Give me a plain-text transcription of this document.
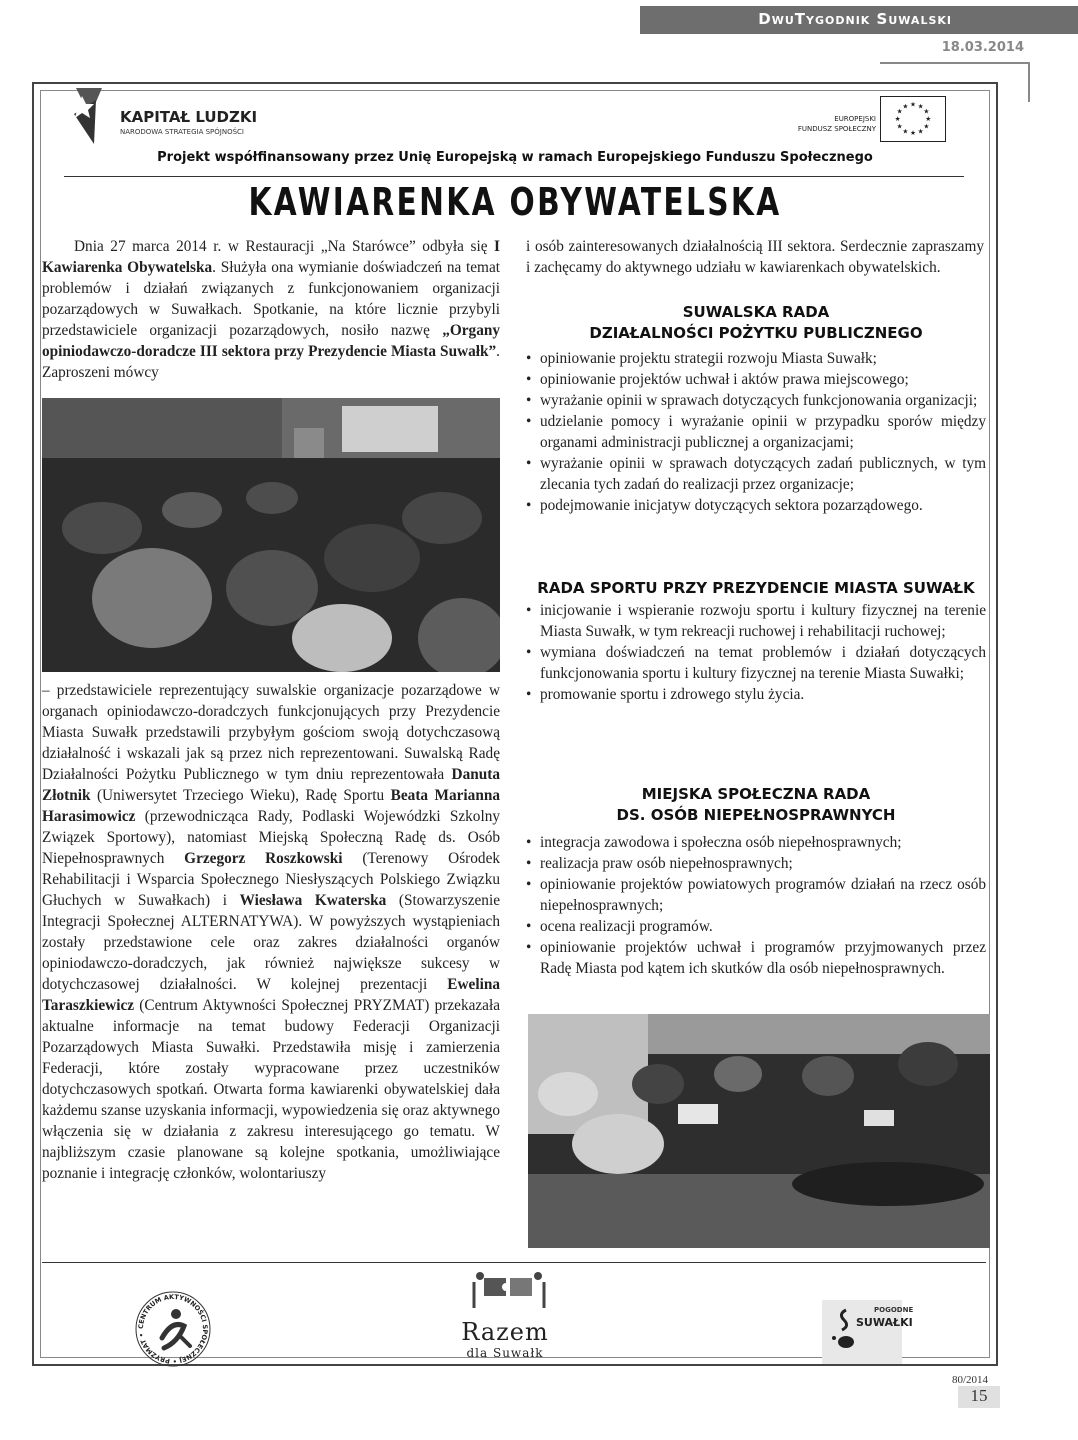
DwuTygodnik Suwalski
18.03.2014
KAPITAŁ LUDZKI
NARODOWA STRATEGIA SPÓJNOŚCI
EUROPEJSKI
FUNDUSZ SPOŁECZNY
★ ★
★
★
★
★
★
★
★
★
★
★
Projekt współfinansowany przez Unię Europejską w ramach Europejskiego Funduszu Społecznego
KAWIARENKA OBYWATELSKA

Dnia 27 marca 2014 r. w Restauracji „Na Starówce” odbyła się I Kawiarenka Obywatelska. Służyła ona wymianie doświadczeń na temat problemów i działań związanych z funkcjonowaniem organizacji pozarządowych w Suwałkach. Spotkanie, na które licznie przybyli przedstawiciele organizacji pozarządowych, nosiło nazwę „Organy opiniodawczo-doradcze III sektora przy Prezydencie Miasta Suwałk”. Zaproszeni mówcy

– przedstawiciele reprezentujący suwalskie organizacje pozarządowe w organach opiniodawczo-doradczych funkcjonujących przy Prezydencie Miasta Suwałk przedstawili przybyłym gościom swoją dotychczasową działalność i wskazali jak są przez nich reprezentowani. Suwalską Radę Działalności Pożytku Publicznego w tym dniu reprezentowała Danuta Złotnik (Uniwersytet Trzeciego Wieku), Radę Sportu Beata Marianna Harasimowicz (przewodnicząca Rady, Podlaski Wojewódzki Szkolny Związek Sportowy), natomiast Miejską Społeczną Radę ds. Osób Niepełnosprawnych Grzegorz Roszkowski (Terenowy Ośrodek Rehabilitacji i Wsparcia Społecznego Niesłyszących Polskiego Związku Głuchych w Suwałkach) i Wiesława Kwaterska (Stowarzyszenie Integracji Społecznej ALTERNATYWA). W powyższych wystąpieniach zostały przedstawione cele oraz zakres działalności organów opiniodawczo-doradczych, jak również największe sukcesy w dotychczasowej działalności. W kolejnej prezentacji Ewelina Taraszkiewicz (Centrum Aktywności Społecznej PRYZMAT) przekazała aktualne informacje na temat budowy Federacji Organizacji Pozarządowych Miasta Suwałki. Przedstawiła misję i zamierzenia Federacji, które zostały wypracowane przez uczestników dotychczasowych spotkań. Otwarta forma kawiarenki obywatelskiej dała każdemu szanse uzyskania informacji, wypowiedzenia się oraz aktywnego włączenia się w działania z zakresu interesującego go tematu. W najbliższym czasie planowane są kolejne spotkania, umożliwiające poznanie i integrację członków, wolontariuszy

i osób zainteresowanych działalnością III sektora. Serdecznie zapraszamy i zachęcamy do aktywnego udziału w kawiarenkach obywatelskich.

SUWALSKA RADA
DZIAŁALNOŚCI POŻYTKU PUBLICZNEGO
• opiniowanie projektu strategii rozwoju Miasta Suwałk;
• opiniowanie projektów uchwał i aktów prawa miejscowego;
• wyrażanie opinii w sprawach dotyczących funkcjonowania organizacji;
• udzielanie pomocy i wyrażanie opinii w przypadku sporów między organami administracji publicznej a organizacjami;
• wyrażanie opinii w sprawach dotyczących zadań publicznych, w tym zlecania tych zadań do realizacji przez organizacje;
• podejmowanie inicjatyw dotyczących sektora pozarządowego.
RADA SPORTU PRZY PREZYDENCIE MIASTA SUWAŁK
• inicjowanie i wspieranie rozwoju sportu i kultury fizycznej na terenie Miasta Suwałk, w tym rekreacji ruchowej i rehabilitacji ruchowej;
• wymiana doświadczeń na temat problemów i działań dotyczących funkcjonowania sportu i kultury fizycznej na terenie Miasta Suwałki;
• promowanie sportu i zdrowego stylu życia.
MIEJSKA SPOŁECZNA RADA
DS. OSÓB NIEPEŁNOSPRAWNYCH
• integracja zawodowa i społeczna osób niepełnosprawnych;
• realizacja praw osób niepełnosprawnych;
• opiniowanie projektów powiatowych programów działań na rzecz osób niepełnosprawnych;
• ocena realizacji programów.
• opiniowanie projektów uchwał i programów przyjmowanych przez Radę Miasta pod kątem ich skutków dla osób niepełnosprawnych.
CENTRUM AKTYWNOŚCI SPOŁECZNEJ • PRYZMAT •	Razem
dla Suwałk
POGODNE
SUWAŁKI
80/2014
15
